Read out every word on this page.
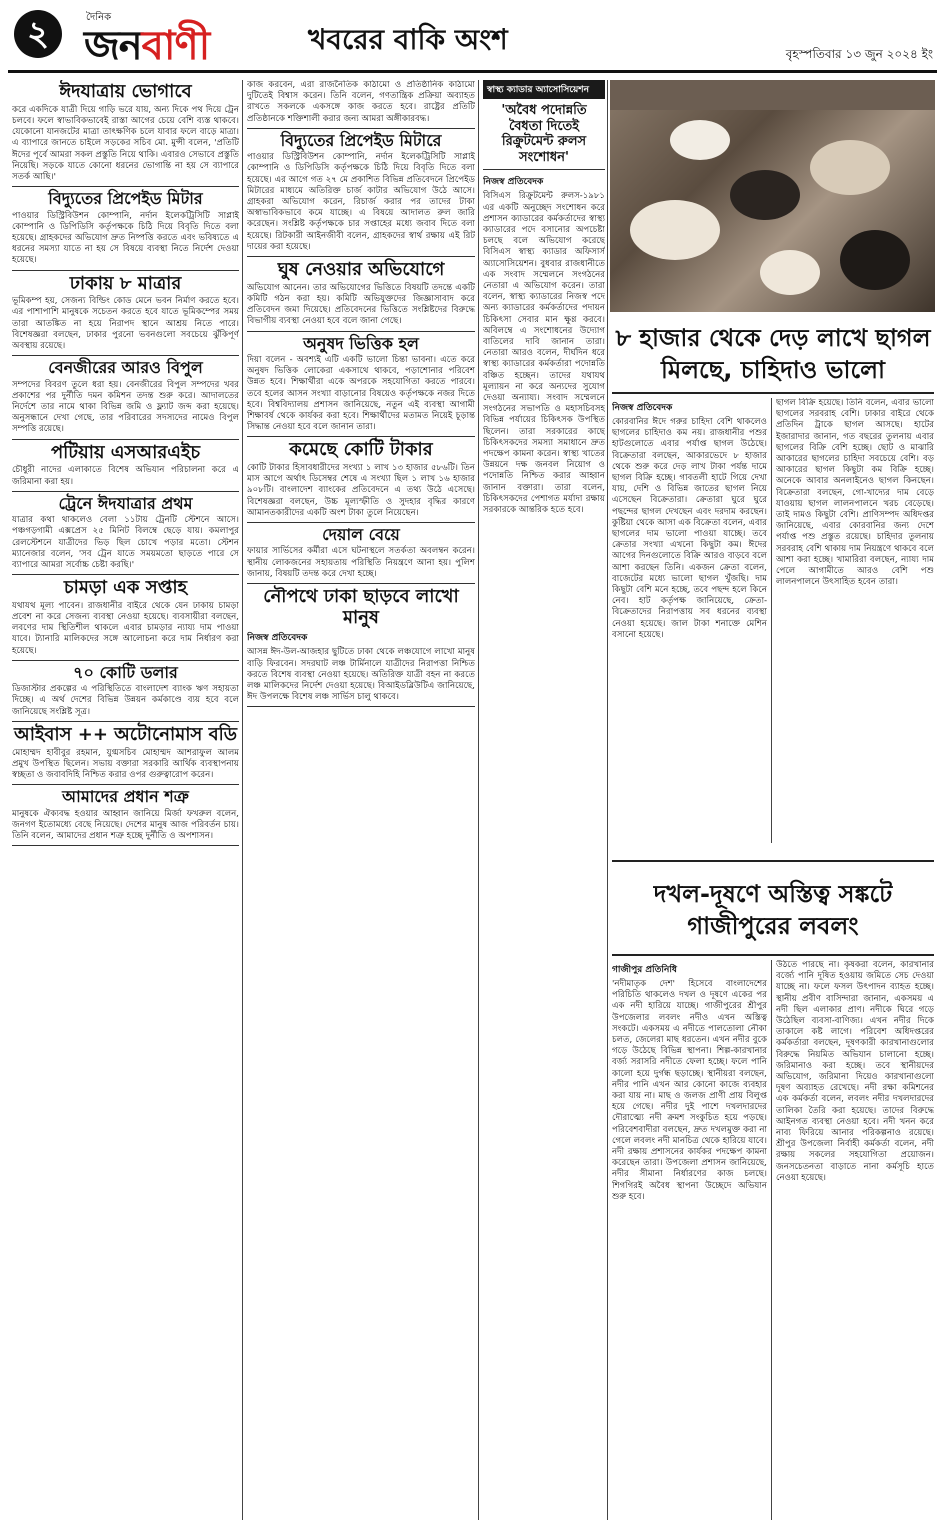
২	দৈনিক
জনবাণী	খবরের বাকি অংশ	বৃহস্পতিবার ১৩ জুন ২০২৪ ইং
ঈদযাত্রায় ভোগাবে
করে একদিকে যাত্রী দিয়ে গাড়ি ভরে যায়, অন্য দিকে পথ দিয়ে ট্রেন চলবে। ফলে স্বাভাবিকভাবেই রাস্তা আগের চেয়ে বেশি ব্যস্ত থাকবে। যেকোনো যানজটের মাত্রা তাৎক্ষণিক চলে যাবার ফলে বাড়ে মাত্রা। এ ব্যাপারে জানতে চাইলে সড়কের সচিব মো. মুন্সী বলেন, 'প্রতিটি ঈদের পূর্বে আমরা সকল প্রস্তুতি নিয়ে থাকি। এবারও সেভাবে প্রস্তুতি নিয়েছি। সড়কে যাতে কোনো ধরনের ভোগান্তি না হয় সে ব্যাপারে সতর্ক আছি।'
বিদ্যুতের প্রিপেইড মিটার
পাওয়ার ডিস্ট্রিবিউশন কোম্পানি, নর্দান ইলেকট্রিসিটি সাপ্লাই কোম্পানি ও ডিপিডিসি কর্তৃপক্ষকে চিঠি দিয়ে বিবৃতি দিতে বলা হয়েছে। গ্রাহকদের অভিযোগ দ্রুত নিষ্পত্তি করতে এবং ভবিষ্যতে এ ধরনের সমস্যা যাতে না হয় সে বিষয়ে ব্যবস্থা নিতে নির্দেশ দেওয়া হয়েছে।
ঢাকায় ৮ মাত্রার
ভূমিকম্প হয়, সেজন্য বিল্ডিং কোড মেনে ভবন নির্মাণ করতে হবে। এর পাশাপাশি মানুষকে সচেতন করতে হবে যাতে ভূমিকম্পের সময় তারা আতঙ্কিত না হয়ে নিরাপদ স্থানে আশ্রয় নিতে পারে। বিশেষজ্ঞরা বলছেন, ঢাকার পুরনো ভবনগুলো সবচেয়ে ঝুঁকিপূর্ণ অবস্থায় রয়েছে।
বেনজীরের আরও বিপুল
সম্পদের বিবরণ তুলে ধরা হয়। বেনজীরের বিপুল সম্পদের খবর প্রকাশের পর দুর্নীতি দমন কমিশন তদন্ত শুরু করে। আদালতের নির্দেশে তার নামে থাকা বিভিন্ন জমি ও ফ্ল্যাট জব্দ করা হয়েছে। অনুসন্ধানে দেখা গেছে, তার পরিবারের সদস্যদের নামেও বিপুল সম্পত্তি রয়েছে।
পটিয়ায় এসআরএইচ
চৌধুরী নাদের এলাকাতে বিশেষ অভিযান পরিচালনা করে এ জরিমানা করা হয়।
ট্রেনে ঈদযাত্রার প্রথম
যাত্রার কথা থাকলেও বেলা ১১টায় ট্রেনটি স্টেশনে আসে। পঞ্চগড়গামী এক্সপ্রেস ২৫ মিনিট বিলম্বে ছেড়ে যায়। কমলাপুর রেলস্টেশনে যাত্রীদের ভিড় ছিল চোখে পড়ার মতো। স্টেশন ম্যানেজার বলেন, 'সব ট্রেন যাতে সময়মতো ছাড়তে পারে সে ব্যাপারে আমরা সর্বোচ্চ চেষ্টা করছি।'
চামড়া এক সপ্তাহ
যথাযথ মূল্য পাবেন। রাজধানীর বাইরে থেকে যেন ঢাকায় চামড়া প্রবেশ না করে সেজন্য ব্যবস্থা নেওয়া হয়েছে। ব্যবসায়ীরা বলছেন, লবণের দাম স্থিতিশীল থাকলে এবার চামড়ার ন্যায্য দাম পাওয়া যাবে। ট্যানারি মালিকদের সঙ্গে আলোচনা করে দাম নির্ধারণ করা হয়েছে।
৭০ কোটি ডলার
ডিজাস্টার প্রকল্পের এ পরিস্থিতিতে বাংলাদেশ ব্যাংক ঋণ সহায়তা দিচ্ছে। এ অর্থ দেশের বিভিন্ন উন্নয়ন কর্মকাণ্ডে ব্যয় হবে বলে জানিয়েছে সংশ্লিষ্ট সূত্র।
আইবাস ++ অটোনোমাস বডি
মোহাম্মদ হাবীবুর রহমান, যুগ্মসচিব মোহাম্মদ আশরাফুল আলম প্রমুখ উপস্থিত ছিলেন। সভায় বক্তারা সরকারি আর্থিক ব্যবস্থাপনায় স্বচ্ছতা ও জবাবদিহি নিশ্চিত করার ওপর গুরুত্বারোপ করেন।
আমাদের প্রধান শত্রু
মানুষকে ঐক্যবদ্ধ হওয়ার আহ্বান জানিয়ে মির্জা ফখরুল বলেন, জনগণ ইতোমধ্যে বেছে নিয়েছে। দেশের মানুষ আজ পরিবর্তন চায়। তিনি বলেন, আমাদের প্রধান শত্রু হচ্ছে দুর্নীতি ও অপশাসন।
কাজ করবেন, এরা রাজনৈতিক কাঠামো ও প্রতিষ্ঠানিক কাঠামো দুটিতেই বিশ্বাস করেন। তিনি বলেন, গণতান্ত্রিক প্রক্রিয়া অব্যাহত রাখতে সকলকে একসঙ্গে কাজ করতে হবে। রাষ্ট্রের প্রতিটি প্রতিষ্ঠানকে শক্তিশালী করার জন্য আমরা অঙ্গীকারবদ্ধ।
বিদ্যুতের প্রিপেইড মিটারে
পাওয়ার ডিস্ট্রিবিউশন কোম্পানি, নর্দান ইলেকট্রিসিটি সাপ্লাই কোম্পানি ও ডিপিডিসি কর্তৃপক্ষকে চিঠি দিয়ে বিবৃতি দিতে বলা হয়েছে। এর আগে গত ২৭ মে প্রকাশিত বিভিন্ন প্রতিবেদনে প্রিপেইড মিটারের মাধ্যমে অতিরিক্ত চার্জ কাটার অভিযোগ উঠে আসে। গ্রাহকরা অভিযোগ করেন, রিচার্জ করার পর তাদের টাকা অস্বাভাবিকভাবে কমে যাচ্ছে। এ বিষয়ে আদালত রুল জারি করেছেন। সংশ্লিষ্ট কর্তৃপক্ষকে চার সপ্তাহের মধ্যে জবাব দিতে বলা হয়েছে। রিটকারী আইনজীবী বলেন, গ্রাহকদের স্বার্থ রক্ষায় এই রিট দায়ের করা হয়েছে।
ঘুষ নেওয়ার অভিযোগে
অভিযোগ আনেন। তার অভিযোগের ভিত্তিতে বিষয়টি তদন্তে একটি কমিটি গঠন করা হয়। কমিটি অভিযুক্তদের জিজ্ঞাসাবাদ করে প্রতিবেদন জমা দিয়েছে। প্রতিবেদনের ভিত্তিতে সংশ্লিষ্টদের বিরুদ্ধে বিভাগীয় ব্যবস্থা নেওয়া হবে বলে জানা গেছে।
অনুষদ ভিত্তিক হল
দিয়া বলেন - অবশ্যই এটি একটি ভালো চিন্তা ভাবনা। এতে করে অনুষদ ভিত্তিক লোকেরা একসাথে থাকবে, পড়াশোনার পরিবেশ উন্নত হবে। শিক্ষার্থীরা একে অপরকে সহযোগিতা করতে পারবে। তবে হলের আসন সংখ্যা বাড়ানোর বিষয়েও কর্তৃপক্ষকে নজর দিতে হবে। বিশ্ববিদ্যালয় প্রশাসন জানিয়েছে, নতুন এই ব্যবস্থা আগামী শিক্ষাবর্ষ থেকে কার্যকর করা হবে। শিক্ষার্থীদের মতামত নিয়েই চূড়ান্ত সিদ্ধান্ত নেওয়া হবে বলে জানান তারা।
কমেছে কোটি টাকার
কোটি টাকার হিসাবধারীদের সংখ্যা ১ লাখ ১৩ হাজার ৫৮৬টি। তিন মাস আগে অর্থাৎ ডিসেম্বর শেষে এ সংখ্যা ছিল ১ লাখ ১৬ হাজার ৯০৮টি। বাংলাদেশ ব্যাংকের প্রতিবেদনে এ তথ্য উঠে এসেছে। বিশেষজ্ঞরা বলছেন, উচ্চ মূল্যস্ফীতি ও সুদহার বৃদ্ধির কারণে আমানতকারীদের একটি অংশ টাকা তুলে নিয়েছেন।
দেয়াল বেয়ে
ফায়ার সার্ভিসের কর্মীরা এসে ঘটনাস্থলে সতর্কতা অবলম্বন করেন। স্থানীয় লোকজনের সহায়তায় পরিস্থিতি নিয়ন্ত্রণে আনা হয়। পুলিশ জানায়, বিষয়টি তদন্ত করে দেখা হচ্ছে।
নৌপথে ঢাকা ছাড়বে লাখো মানুষ
নিজস্ব প্রতিবেদক
আসন্ন ঈদ-উল-আজহার ছুটিতে ঢাকা থেকে লঞ্চযোগে লাখো মানুষ বাড়ি ফিরবেন। সদরঘাট লঞ্চ টার্মিনালে যাত্রীদের নিরাপত্তা নিশ্চিত করতে বিশেষ ব্যবস্থা নেওয়া হয়েছে। অতিরিক্ত যাত্রী বহন না করতে লঞ্চ মালিকদের নির্দেশ দেওয়া হয়েছে। বিআইডব্লিউটিএ জানিয়েছে, ঈদ উপলক্ষে বিশেষ লঞ্চ সার্ভিস চালু থাকবে।
স্বাস্থ্য ক্যাডার অ্যাসোসিয়েশন
'অবৈধ পদোন্নতি বৈধতা দিতেই রিক্রুটমেন্ট রুলস সংশোধন'
নিজস্ব প্রতিবেদক
বিসিএস রিক্রুটমেন্ট রুলস-১৯৮১ এর একটি অনুচ্ছেদ সংশোধন করে প্রশাসন ক্যাডারের কর্মকর্তাদের স্বাস্থ্য ক্যাডারের পদে বসানোর অপচেষ্টা চলছে বলে অভিযোগ করেছে বিসিএস স্বাস্থ্য ক্যাডার অফিসার্স অ্যাসোসিয়েশন। বুধবার রাজধানীতে এক সংবাদ সম্মেলনে সংগঠনের নেতারা এ অভিযোগ করেন। তারা বলেন, স্বাস্থ্য ক্যাডারের নিজস্ব পদে অন্য ক্যাডারের কর্মকর্তাদের পদায়ন চিকিৎসা সেবার মান ক্ষুণ্ণ করবে। অবিলম্বে এ সংশোধনের উদ্যোগ বাতিলের দাবি জানান তারা। নেতারা আরও বলেন, দীর্ঘদিন ধরে স্বাস্থ্য ক্যাডারের কর্মকর্তারা পদোন্নতি বঞ্চিত হচ্ছেন। তাদের যথাযথ মূল্যায়ন না করে অন্যদের সুযোগ দেওয়া অন্যায্য। সংবাদ সম্মেলনে সংগঠনের সভাপতি ও মহাসচিবসহ বিভিন্ন পর্যায়ের চিকিৎসক উপস্থিত ছিলেন। তারা সরকারের কাছে চিকিৎসকদের সমস্যা সমাধানে দ্রুত পদক্ষেপ কামনা করেন। স্বাস্থ্য খাতের উন্নয়নে দক্ষ জনবল নিয়োগ ও পদোন্নতি নিশ্চিত করার আহ্বান জানান বক্তারা। তারা বলেন, চিকিৎসকদের পেশাগত মর্যাদা রক্ষায় সরকারকে আন্তরিক হতে হবে।
৮ হাজার থেকে দেড় লাখে ছাগল মিলছে, চাহিদাও ভালো
নিজস্ব প্রতিবেদক
কোরবানির ঈদে গরুর চাহিদা বেশি থাকলেও ছাগলের চাহিদাও কম নয়। রাজধানীর পশুর হাটগুলোতে এবার পর্যাপ্ত ছাগল উঠেছে। বিক্রেতারা বলছেন, আকারভেদে ৮ হাজার থেকে শুরু করে দেড় লাখ টাকা পর্যন্ত দামে ছাগল বিক্রি হচ্ছে। গাবতলী হাটে গিয়ে দেখা যায়, দেশি ও বিভিন্ন জাতের ছাগল নিয়ে এসেছেন বিক্রেতারা। ক্রেতারা ঘুরে ঘুরে পছন্দের ছাগল দেখছেন এবং দরদাম করছেন। কুষ্টিয়া থেকে আসা এক বিক্রেতা বলেন, এবার ছাগলের দাম ভালো পাওয়া যাচ্ছে। তবে ক্রেতার সংখ্যা এখনো কিছুটা কম। ঈদের আগের দিনগুলোতে বিক্রি আরও বাড়বে বলে আশা করছেন তিনি। একজন ক্রেতা বলেন, বাজেটের মধ্যে ভালো ছাগল খুঁজছি। দাম কিছুটা বেশি মনে হচ্ছে, তবে পছন্দ হলে কিনে নেব। হাট কর্তৃপক্ষ জানিয়েছে, ক্রেতা-বিক্রেতাদের নিরাপত্তায় সব ধরনের ব্যবস্থা নেওয়া হয়েছে। জাল টাকা শনাক্তে মেশিন বসানো হয়েছে।
ছাগল বিক্রি হয়েছে। তিনি বলেন, এবার ভালো ছাগলের সরবরাহ বেশি। ঢাকার বাইরে থেকে প্রতিদিন ট্রাকে ছাগল আসছে। হাটের ইজারাদার জানান, গত বছরের তুলনায় এবার ছাগলের বিক্রি বেশি হচ্ছে। ছোট ও মাঝারি আকারের ছাগলের চাহিদা সবচেয়ে বেশি। বড় আকারের ছাগল কিছুটা কম বিক্রি হচ্ছে। অনেকে আবার অনলাইনেও ছাগল কিনছেন। বিক্রেতারা বলছেন, গো-খাদ্যের দাম বেড়ে যাওয়ায় ছাগল লালনপালনে খরচ বেড়েছে। তাই দামও কিছুটা বেশি। প্রাণিসম্পদ অধিদপ্তর জানিয়েছে, এবার কোরবানির জন্য দেশে পর্যাপ্ত পশু প্রস্তুত রয়েছে। চাহিদার তুলনায় সরবরাহ বেশি থাকায় দাম নিয়ন্ত্রণে থাকবে বলে আশা করা হচ্ছে। খামারিরা বলছেন, ন্যায্য দাম পেলে আগামীতে আরও বেশি পশু লালনপালনে উৎসাহিত হবেন তারা।
দখল-দূষণে অস্তিত্ব সঙ্কটে গাজীপুরের লবলং
গাজীপুর প্রতিনিধি
'নদীমাতৃক দেশ' হিসেবে বাংলাদেশের পরিচিতি থাকলেও দখল ও দূষণে একের পর এক নদী হারিয়ে যাচ্ছে। গাজীপুরের শ্রীপুর উপজেলার লবলং নদীও এখন অস্তিত্ব সংকটে। একসময় এ নদীতে পালতোলা নৌকা চলত, জেলেরা মাছ ধরতেন। এখন নদীর বুকে গড়ে উঠেছে বিভিন্ন স্থাপনা। শিল্প-কারখানার বর্জ্য সরাসরি নদীতে ফেলা হচ্ছে। ফলে পানি কালো হয়ে দুর্গন্ধ ছড়াচ্ছে। স্থানীয়রা বলছেন, নদীর পানি এখন আর কোনো কাজে ব্যবহার করা যায় না। মাছ ও জলজ প্রাণী প্রায় বিলুপ্ত হয়ে গেছে। নদীর দুই পাশে দখলদারদের দৌরাত্ম্যে নদী ক্রমশ সংকুচিত হয়ে পড়ছে। পরিবেশবাদীরা বলছেন, দ্রুত দখলমুক্ত করা না গেলে লবলং নদী মানচিত্র থেকে হারিয়ে যাবে। নদী রক্ষায় প্রশাসনের কার্যকর পদক্ষেপ কামনা করেছেন তারা। উপজেলা প্রশাসন জানিয়েছে, নদীর সীমানা নির্ধারণের কাজ চলছে। শিগগিরই অবৈধ স্থাপনা উচ্ছেদে অভিযান শুরু হবে।
উঠতে পারছে না। কৃষকরা বলেন, কারখানার বর্জ্যে পানি দূষিত হওয়ায় জমিতে সেচ দেওয়া যাচ্ছে না। ফলে ফসল উৎপাদন ব্যাহত হচ্ছে। স্থানীয় প্রবীণ বাসিন্দারা জানান, একসময় এ নদী ছিল এলাকার প্রাণ। নদীকে ঘিরে গড়ে উঠেছিল ব্যবসা-বাণিজ্য। এখন নদীর দিকে তাকালে কষ্ট লাগে। পরিবেশ অধিদপ্তরের কর্মকর্তারা বলছেন, দূষণকারী কারখানাগুলোর বিরুদ্ধে নিয়মিত অভিযান চালানো হচ্ছে। জরিমানাও করা হচ্ছে। তবে স্থানীয়দের অভিযোগ, জরিমানা দিয়েও কারখানাগুলো দূষণ অব্যাহত রেখেছে। নদী রক্ষা কমিশনের এক কর্মকর্তা বলেন, লবলং নদীর দখলদারদের তালিকা তৈরি করা হয়েছে। তাদের বিরুদ্ধে আইনগত ব্যবস্থা নেওয়া হবে। নদী খনন করে নাব্য ফিরিয়ে আনার পরিকল্পনাও রয়েছে। শ্রীপুর উপজেলা নির্বাহী কর্মকর্তা বলেন, নদী রক্ষায় সকলের সহযোগিতা প্রয়োজন। জনসচেতনতা বাড়াতে নানা কর্মসূচি হাতে নেওয়া হয়েছে।
